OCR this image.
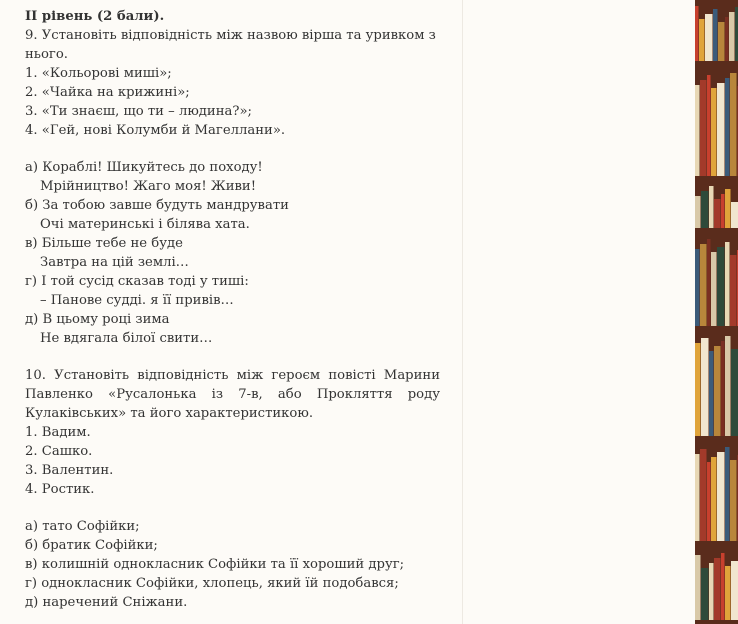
ІІ рівень (2 бали).

9. Установіть відповідність між назвою вірша та уривком з нього.

1. «Кольорові миші»;

2. «Чайка на крижині»;

3. «Ти знаєш, що ти – людина?»;

4. «Гей, нові Колумби й Магеллани».

а) Кораблі! Шикуйтесь до походу!

Мрійництво! Жаго моя! Живи!

б) За тобою завше будуть мандрувати

Очі материнські і білява хата.

в) Більше тебе не буде

Завтра на цій землі…

г) І той сусід сказав тоді у тиші:

– Панове судді. я її привів…

д) В цьому році зима

Не вдягала білої свити…

10. Установіть відповідність між героєм повісті Марини Павленко «Русалонька із 7-в, або Прокляття роду Кулаківських» та його характеристикою.

1. Вадим.

2. Сашко.

3. Валентин.

4. Ростик.

а) тато Софійки;

б) братик Софійки;

в) колишній однокласник Софійки та її хороший друг;

г) однокласник Софійки, хлопець, який їй подобався;

д) наречений Сніжани.
